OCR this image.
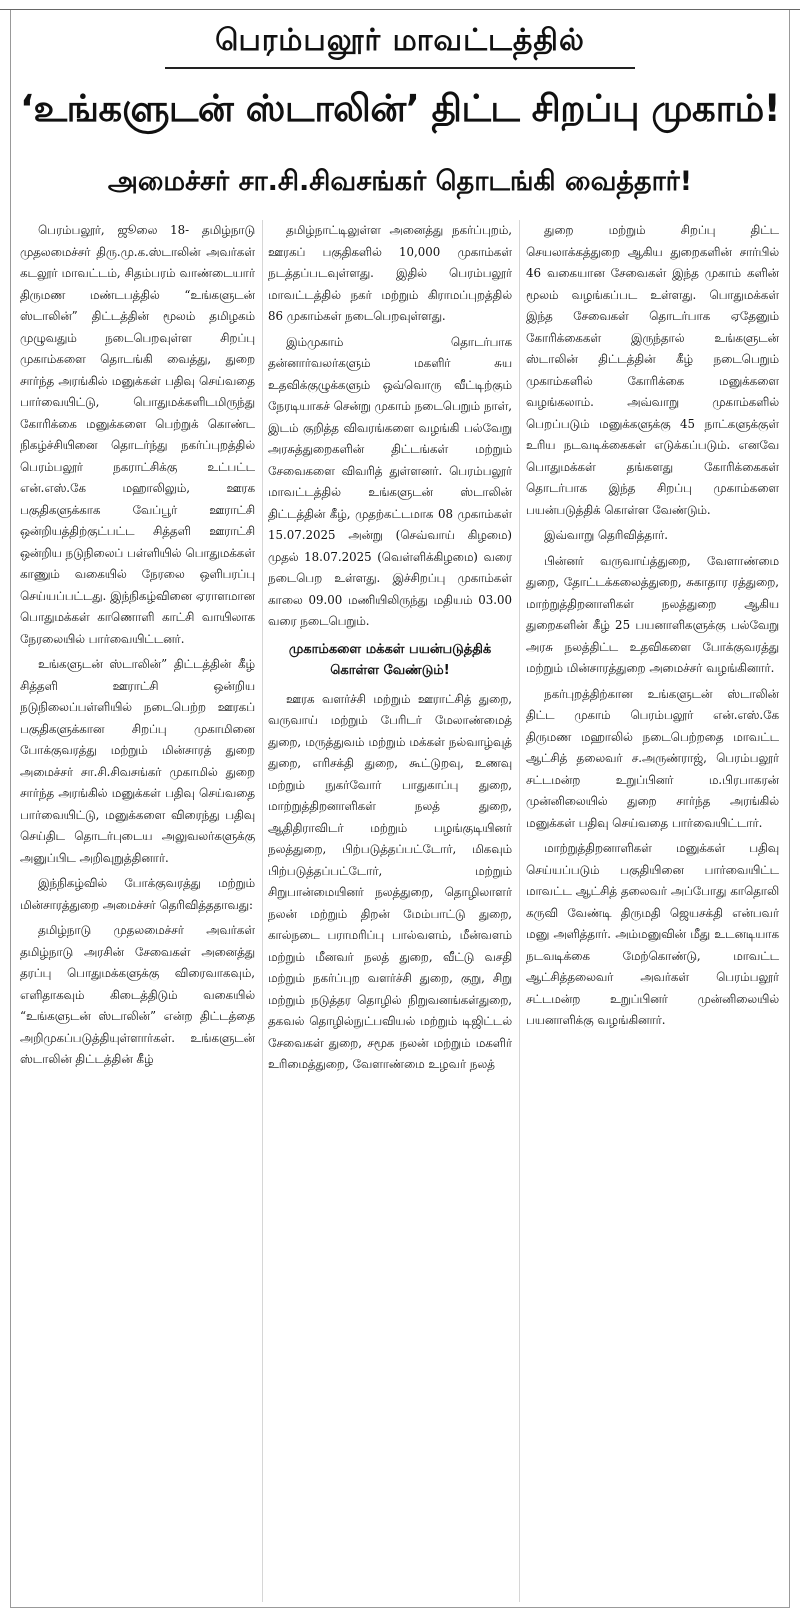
பெரம்பலூர் மாவட்டத்தில்
‘உங்களுடன் ஸ்டாலின்’ திட்ட சிறப்பு முகாம்!
அமைச்சர் சா.சி.சிவசங்கர் தொடங்கி வைத்தார்!

பெரம்பலூர், ஜூலை 18- தமிழ்நாடு முதலமைச்சர் திரு.மு.க.ஸ்டாலின் அவர்கள் கடலூர் மாவட்டம், சிதம்பரம் வாண்டையார் திருமண மண்டபத்தில் “உங்களுடன் ஸ்டாலின்” திட்டத்தின் மூலம் தமிழகம் முழுவதும் நடைபெறவுள்ள சிறப்பு முகாம்களை தொடங்கி வைத்து, துறை சார்ந்த அரங்கில் மனுக்கள் பதிவு செய்வதை பார்வையிட்டு, பொதுமக்களிடமிருந்து கோரிக்கை மனுக்களை பெற்றுக் கொண்ட நிகழ்ச்சியினை தொடர்ந்து நகர்ப்புறத்தில் பெரம்பலூர் நகராட்சிக்கு உட்பட்ட என்.எஸ்.கே மஹாலிலும், ஊரக பகுதிகளுக்காக வேப்பூர் ஊராட்சி ஒன்றியத்திற்குட்பட்ட சித்தளி ஊராட்சி ஒன்றிய நடுநிலைப் பள்ளியில் பொதுமக்கள் காணும் வகையில் நேரலை ஒளிபரப்பு செய்யப்பட்டது. இந்நிகழ்வினை ஏராளமான பொதுமக்கள் காணொளி காட்சி வாயிலாக நேரலையில் பார்வையிட்டனர்.

உங்களுடன் ஸ்டாலின்” திட்டத்தின் கீழ் சித்தளி ஊராட்சி ஒன்றிய நடுநிலைப்பள்ளியில் நடைபெற்ற ஊரகப் பகுதிகளுக்கான சிறப்பு முகாமினை போக்குவரத்து மற்றும் மின்சாரத் துறை அமைச்சர் சா.சி.சிவசங்கர் முகாமில் துறை சார்ந்த அரங்கில் மனுக்கள் பதிவு செய்வதை பார்வையிட்டு, மனுக்களை விரைந்து பதிவு செய்திட தொடர்புடைய அலுவலர்களுக்கு அனுப்பிட அறிவுறுத்தினார்.

இந்நிகழ்வில் போக்குவரத்து மற்றும் மின்சாரத்துறை அமைச்சர் தெரிவித்ததாவது:

தமிழ்நாடு முதலமைச்சர் அவர்கள் தமிழ்நாடு அரசின் சேவைகள் அனைத்து தரப்பு பொதுமக்களுக்கு விரைவாகவும், எளிதாகவும் கிடைத்திடும் வகையில் “உங்களுடன் ஸ்டாலின்” என்ற திட்டத்தை அறிமுகப்படுத்தியுள்ளார்கள். உங்களுடன் ஸ்டாலின் திட்டத்தின் கீழ்

தமிழ்நாட்டிலுள்ள அனைத்து நகர்ப்புறம், ஊரகப் பகுதிகளில் 10,000 முகாம்கள் நடத்தப்படவுள்ளது. இதில் பெரம்பலூர் மாவட்டத்தில் நகர் மற்றும் கிராமப்புறத்தில் 86 முகாம்கள் நடைபெறவுள்ளது.

இம்முகாம் தொடர்பாக தன்னார்வலர்களும் மகளிர் சுய உதவிக்குழுக்களும் ஒவ்வொரு வீட்டிற்கும் நேரடியாகச் சென்று முகாம் நடைபெறும் நாள், இடம் குறித்த விவரங்களை வழங்கி பல்வேறு அரசுத்துறைகளின் திட்டங்கள் மற்றும் சேவைகளை விவரித் துள்ளனர். பெரம்பலூர் மாவட்டத்தில் உங்களுடன் ஸ்டாலின் திட்டத்தின் கீழ், முதற்கட்டமாக 08 முகாம்கள் 15.07.2025 அன்று (செவ்வாய் கிழமை) முதல் 18.07.2025 (வெள்ளிக்கிழமை) வரை நடைபெற உள்ளது. இச்சிறப்பு முகாம்கள் காலை 09.00 மணியிலிருந்து மதியம் 03.00 வரை நடைபெறும்.

முகாம்களை மக்கள் பயன்படுத்திக் கொள்ள வேண்டும்!

ஊரக வளர்ச்சி மற்றும் ஊராட்சித் துறை, வருவாய் மற்றும் பேரிடர் மேலாண்மைத் துறை, மருத்துவம் மற்றும் மக்கள் நல்வாழ்வுத் துறை, எரிசக்தி துறை, கூட்டுறவு, உணவு மற்றும் நுகர்வோர் பாதுகாப்பு துறை, மாற்றுத்திறனாளிகள் நலத் துறை, ஆதிதிராவிடர் மற்றும் பழங்குடியினர் நலத்துறை, பிற்படுத்தப்பட்டோர், மிகவும் பிற்படுத்தப்பட்டோர், மற்றும் சிறுபான்மையினர் நலத்துறை, தொழிலாளர் நலன் மற்றும் திறன் மேம்பாட்டு துறை, கால்நடை பராமரிப்பு பால்வளம், மீன்வளம் மற்றும் மீனவர் நலத் துறை, வீட்டு வசதி மற்றும் நகர்ப்புற வளர்ச்சி துறை, குறு, சிறு மற்றும் நடுத்தர தொழில் நிறுவனங்கள்துறை, தகவல் தொழில்நுட்பவியல் மற்றும் டிஜிட்டல் சேவைகள் துறை, சமூக நலன் மற்றும் மகளிர் உரிமைத்துறை, வேளாண்மை உழவர் நலத்

துறை மற்றும் சிறப்பு திட்ட செயலாக்கத்துறை ஆகிய துறைகளின் சார்பில் 46 வகையான சேவைகள் இந்த முகாம் களின் மூலம் வழங்கப்பட உள்ளது. பொதுமக்கள் இந்த சேவைகள் தொடர்பாக ஏதேனும் கோரிக்கைகள் இருந்தால் உங்களுடன் ஸ்டாலின் திட்டத்தின் கீழ் நடைபெறும் முகாம்களில் கோரிக்கை மனுக்களை வழங்கலாம். அவ்வாறு முகாம்களில் பெறப்படும் மனுக்களுக்கு 45 நாட்களுக்குள் உரிய நடவடிக்கைகள் எடுக்கப்படும். எனவே பொதுமக்கள் தங்களது கோரிக்கைகள் தொடர்பாக இந்த சிறப்பு முகாம்களை பயன்படுத்திக் கொள்ள வேண்டும்.

இவ்வாறு தெரிவித்தார்.

பின்னர் வருவாய்த்துறை, வேளாண்மை துறை, தோட்டக்கலைத்துறை, சுகாதார ரத்துறை, மாற்றுத்திறனாளிகள் நலத்துறை ஆகிய துறைகளின் கீழ் 25 பயனாளிகளுக்கு பல்வேறு அரசு நலத்திட்ட உதவிகளை போக்குவரத்து மற்றும் மின்சாரத்துறை அமைச்சர் வழங்கினார்.

நகர்புறத்திற்கான உங்களுடன் ஸ்டாலின் திட்ட முகாம் பெரம்பலூர் என்.எஸ்.கே திருமண மஹாலில் நடைபெற்றதை மாவட்ட ஆட்சித் தலைவர் ச.அருண்ராஜ், பெரம்பலூர் சட்டமன்ற உறுப்பினர் ம.பிரபாகரன் முன்னிலையில் துறை சார்ந்த அரங்கில் மனுக்கள் பதிவு செய்வதை பார்வையிட்டார்.

மாற்றுத்திறனாளிகள் மனுக்கள் பதிவு செய்யப்படும் பகுதியினை பார்வையிட்ட மாவட்ட ஆட்சித் தலைவர் அப்போது காதொலி கருவி வேண்டி திருமதி ஜெயசக்தி என்பவர் மனு அளித்தார். அம்மனுவின் மீது உடனடியாக நடவடிக்கை மேற்கொண்டு, மாவட்ட ஆட்சித்தலைவர் அவர்கள் பெரம்பலூர் சட்டமன்ற உறுப்பினர் முன்னிலையில் பயனாளிக்கு வழங்கினார்.
